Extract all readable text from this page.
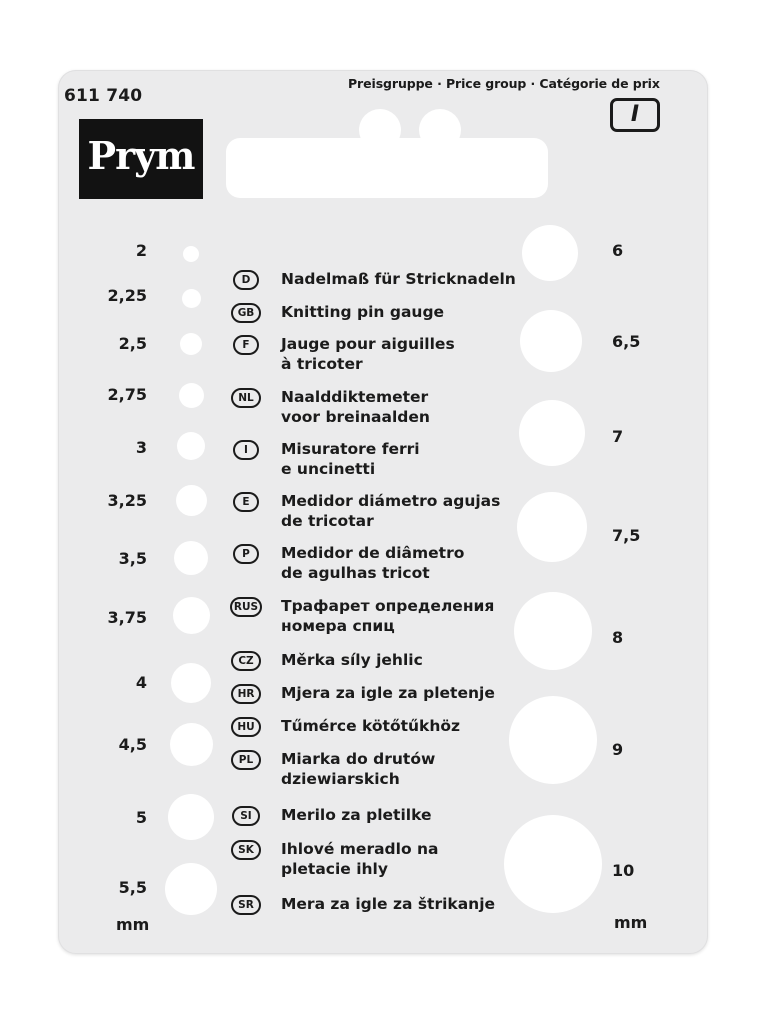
611 740
Preisgruppe · Price group · Catégorie de prix
I
Prym
2
2,25
2,5
2,75
3
3,25
3,5
3,75
4
4,5
5
5,5
6
6,5
7
7,5
8
9
10
D	Nadelmaß für Stricknadeln
GB	Knitting pin gauge
F	Jauge pour aiguilles
à tricoter
NL	Naalddiktemeter
voor breinaalden
I	Misuratore ferri
e uncinetti
E	Medidor diámetro agujas
de tricotar
P	Medidor de diâmetro
de agulhas tricot
RUS Трафарет определения
номера спиц
CZ	Měrka síly jehlic
HR	Mjera za igle za pletenje
HU	Tűmérce kötőtűkhöz
PL	Miarka do drutów
dziewiarskich
SI	Merilo za pletilke
SK	Ihlové meradlo na
pletacie ihly
SR	Mera za igle za štrikanje
mm	mm
